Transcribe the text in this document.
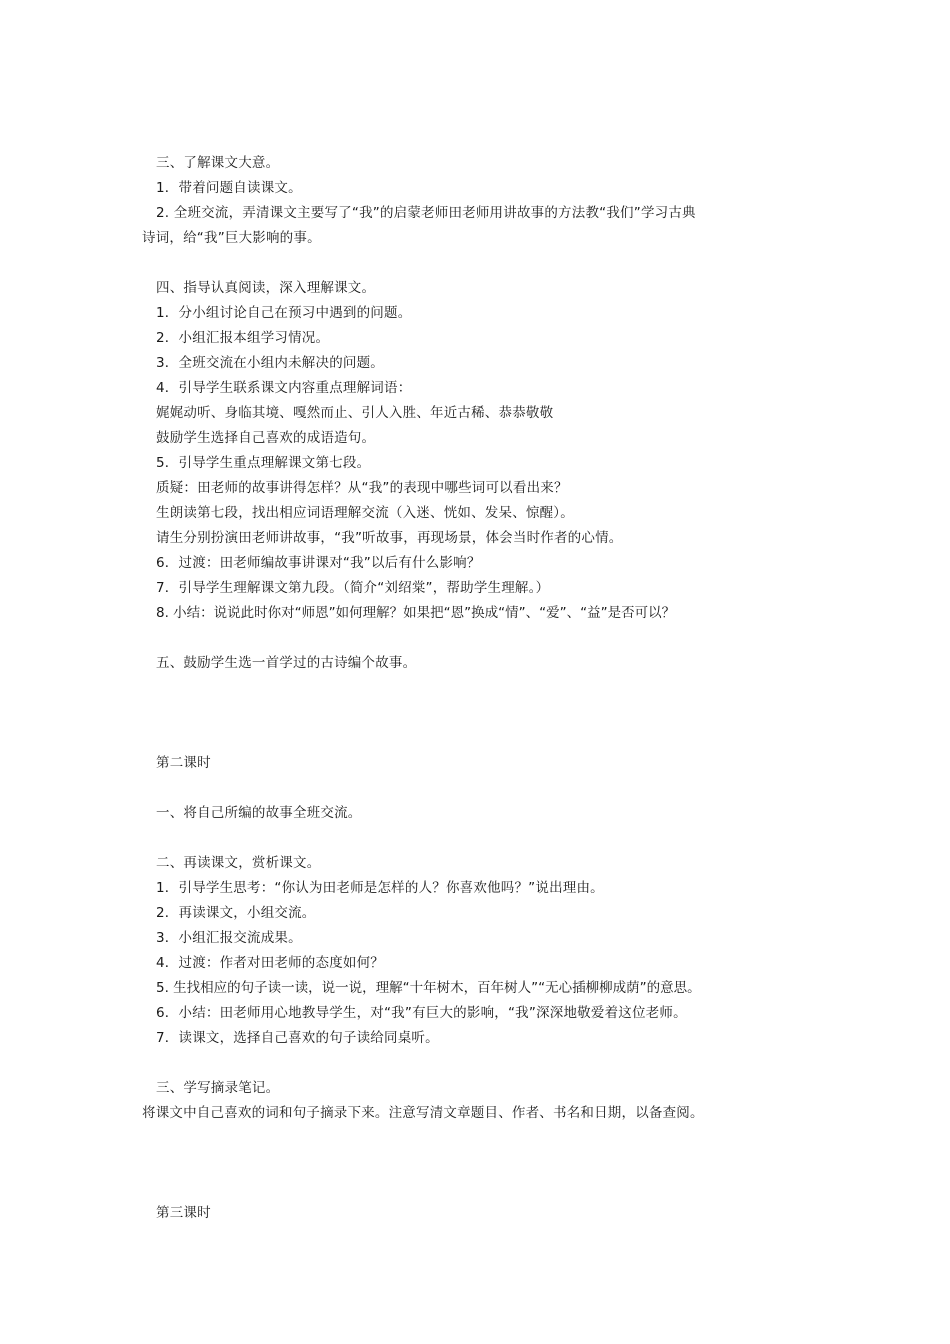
三、了解课文大意。
1．带着问题自读课文。
2. 全班交流，弄清课文主要写了“我”的启蒙老师田老师用讲故事的方法教“我们”学习古典
诗词，给“我”巨大影响的事。
四、指导认真阅读，深入理解课文。
1．分小组讨论自己在预习中遇到的问题。
2．小组汇报本组学习情况。
3．全班交流在小组内未解决的问题。
4．引导学生联系课文内容重点理解词语：
娓娓动听、身临其境、嘎然而止、引人入胜、年近古稀、恭恭敬敬
鼓励学生选择自己喜欢的成语造句。
5．引导学生重点理解课文第七段。
质疑：田老师的故事讲得怎样？从“我”的表现中哪些词可以看出来？
生朗读第七段，找出相应词语理解交流（入迷、恍如、发呆、惊醒）。
请生分别扮演田老师讲故事，“我”听故事，再现场景，体会当时作者的心情。
6．过渡：田老师编故事讲课对“我”以后有什么影响？
7．引导学生理解课文第九段。（简介“刘绍棠”，帮助学生理解。）
8. 小结：说说此时你对“师恩”如何理解？如果把“恩”换成“情”、“爱”、“益”是否可以？
五、鼓励学生选一首学过的古诗编个故事。
第二课时
一、将自己所编的故事全班交流。
二、再读课文，赏析课文。
1．引导学生思考：“你认为田老师是怎样的人？你喜欢他吗？”说出理由。
2．再读课文，小组交流。
3．小组汇报交流成果。
4．过渡：作者对田老师的态度如何？
5. 生找相应的句子读一读，说一说，理解“十年树木，百年树人”“无心插柳柳成荫”的意思。
6．小结：田老师用心地教导学生，对“我”有巨大的影响，“我”深深地敬爱着这位老师。
7．读课文，选择自己喜欢的句子读给同桌听。
三、学写摘录笔记。
将课文中自己喜欢的词和句子摘录下来。注意写清文章题目、作者、书名和日期，以备查阅。
第三课时
